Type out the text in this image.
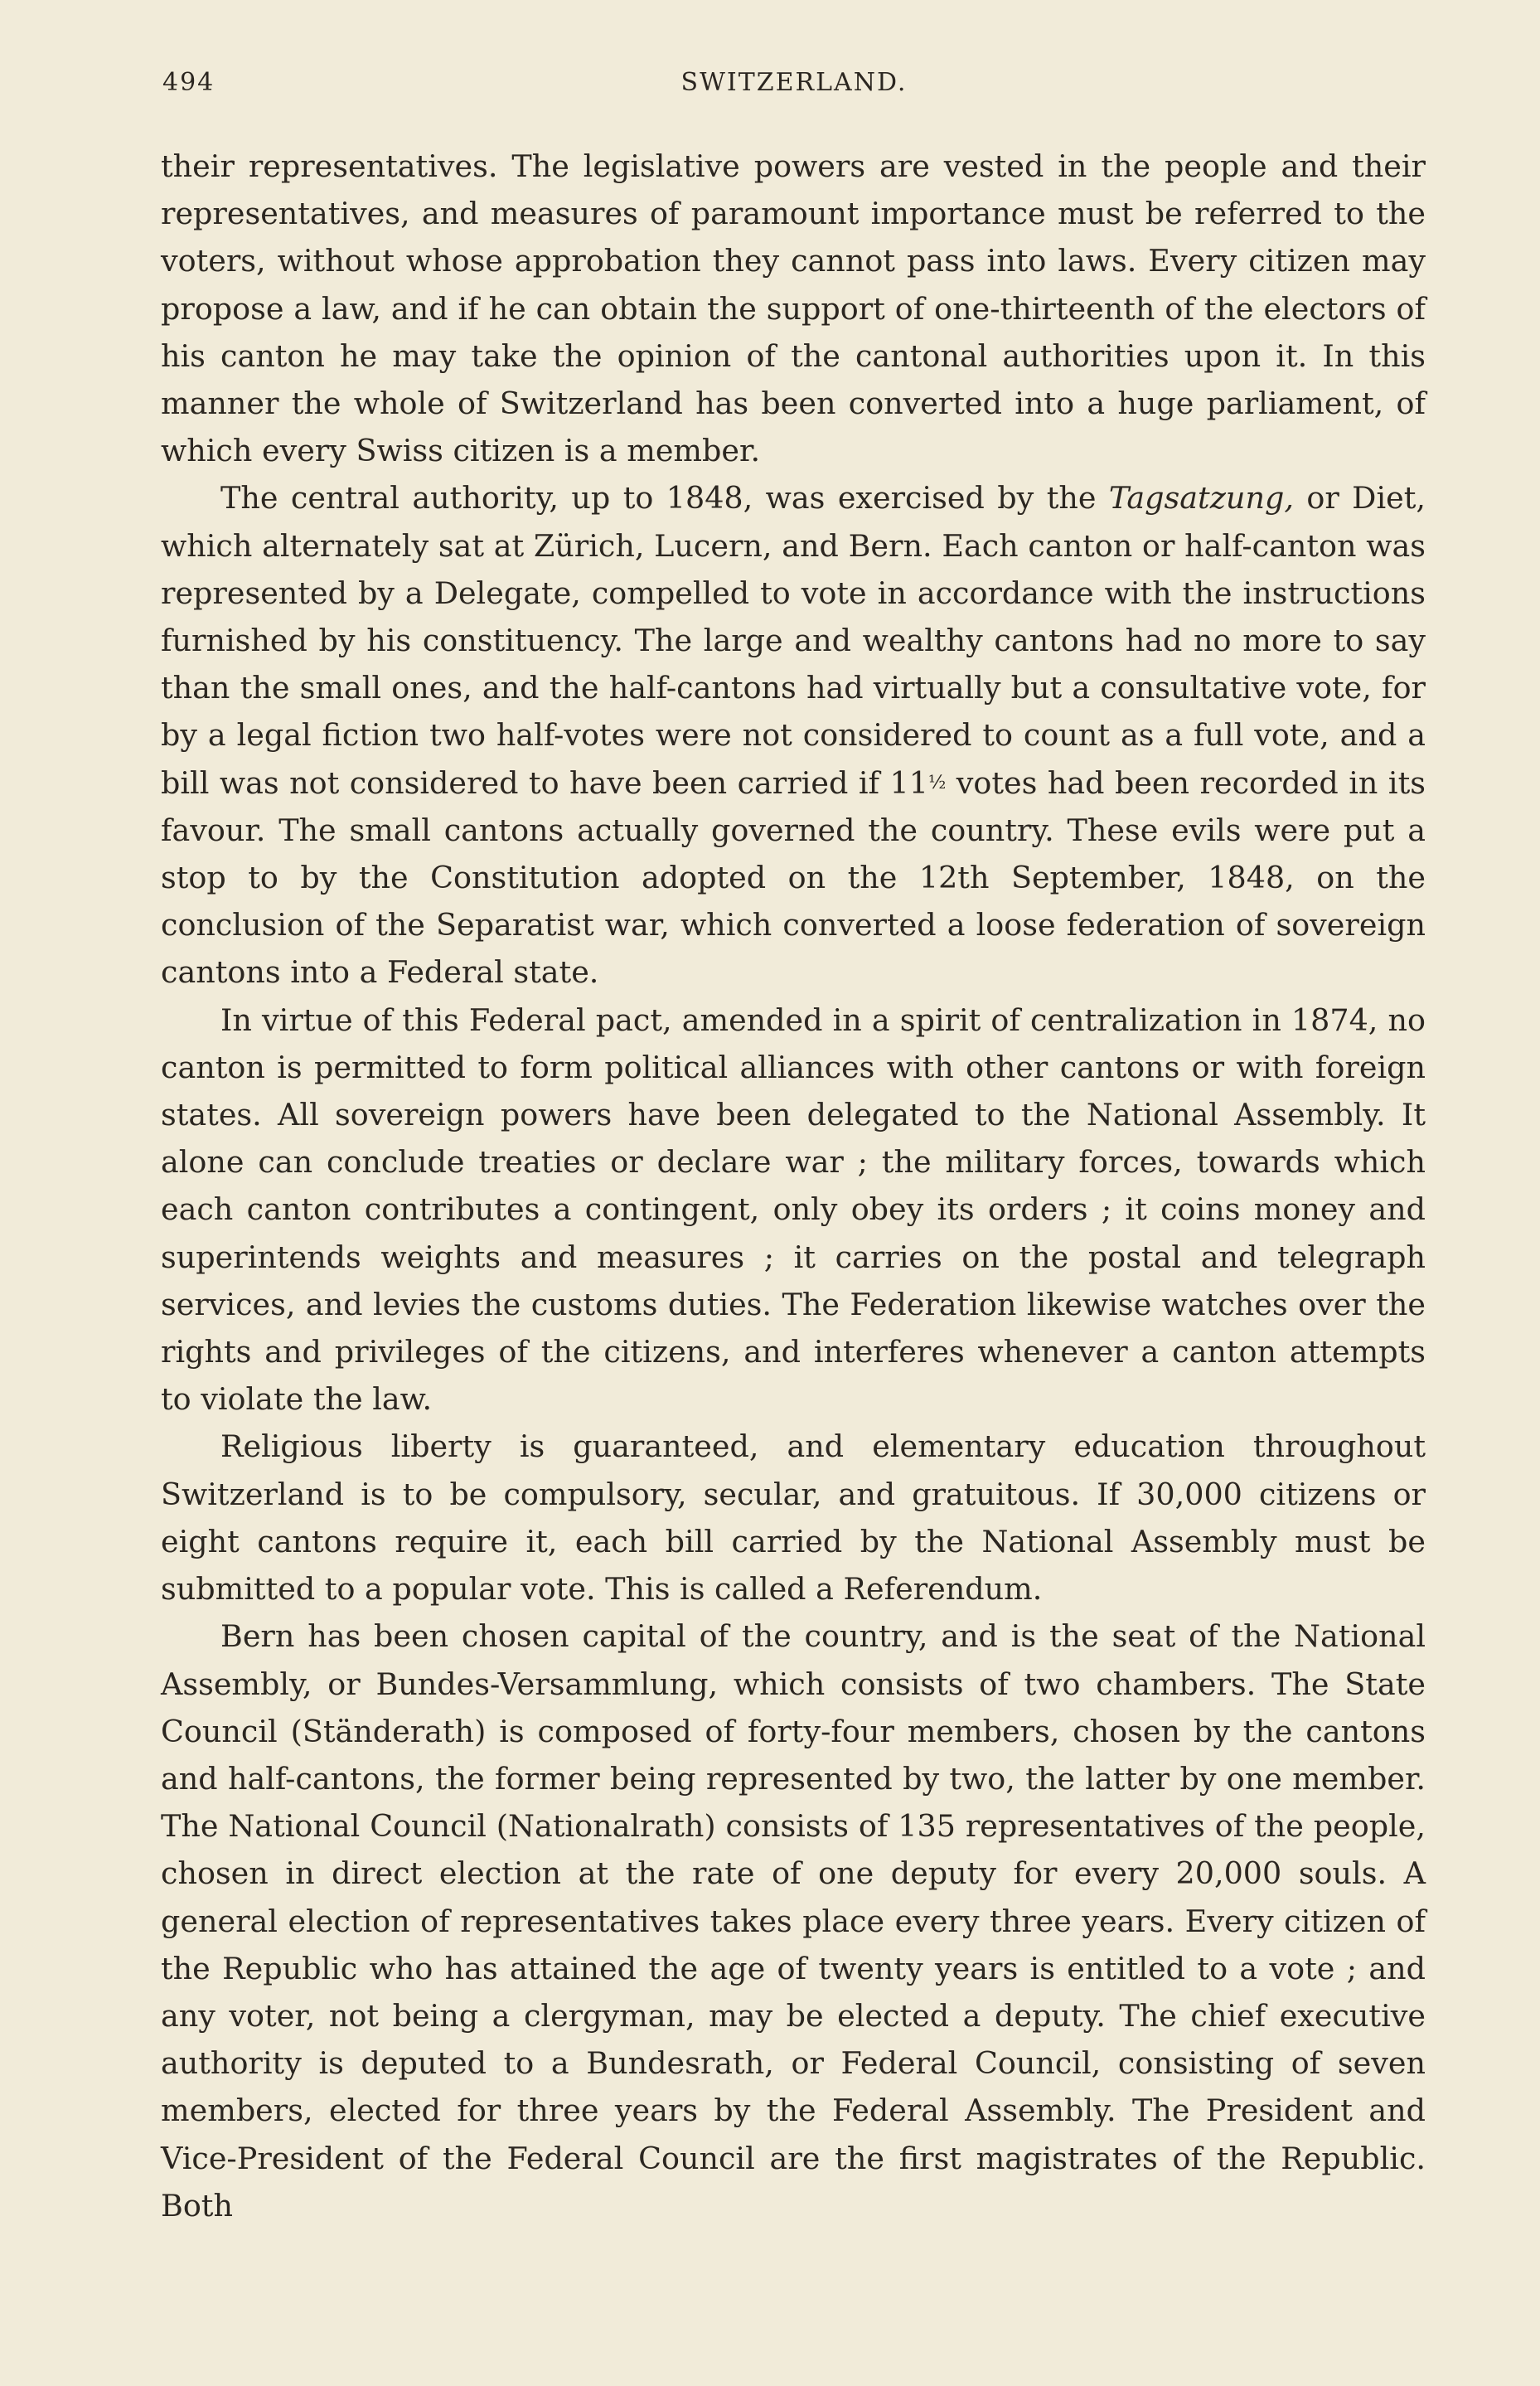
494	SWITZERLAND.

their representatives. The legislative powers are vested in the people and their representatives, and measures of paramount importance must be referred to the voters, without whose approbation they cannot pass into laws. Every citizen may propose a law, and if he can obtain the support of one-thirteenth of the electors of his canton he may take the opinion of the cantonal authorities upon it. In this manner the whole of Switzerland has been converted into a huge parliament, of which every Swiss citizen is a member.

The central authority, up to 1848, was exercised by the Tagsatzung, or Diet, which alternately sat at Zürich, Lucern, and Bern. Each canton or half-canton was represented by a Delegate, compelled to vote in accordance with the instructions furnished by his constituency. The large and wealthy cantons had no more to say than the small ones, and the half-cantons had virtually but a consultative vote, for by a legal fiction two half-votes were not considered to count as a full vote, and a bill was not considered to have been carried if 11½ votes had been recorded in its favour. The small cantons actually governed the country. These evils were put a stop to by the Constitution adopted on the 12th September, 1848, on the conclusion of the Separatist war, which converted a loose federation of sovereign cantons into a Federal state.

In virtue of this Federal pact, amended in a spirit of centralization in 1874, no canton is permitted to form political alliances with other cantons or with foreign states. All sovereign powers have been delegated to the National Assembly. It alone can conclude treaties or declare war ; the military forces, towards which each canton contributes a contingent, only obey its orders ; it coins money and superintends weights and measures ; it carries on the postal and telegraph services, and levies the customs duties. The Federation likewise watches over the rights and privileges of the citizens, and interferes whenever a canton attempts to violate the law.

Religious liberty is guaranteed, and elementary education throughout Switzerland is to be compulsory, secular, and gratuitous. If 30,000 citizens or eight cantons require it, each bill carried by the National Assembly must be submitted to a popular vote. This is called a Referendum.

Bern has been chosen capital of the country, and is the seat of the National Assembly, or Bundes-Versammlung, which consists of two chambers. The State Council (Ständerath) is composed of forty-four members, chosen by the cantons and half-cantons, the former being represented by two, the latter by one member. The National Council (Nationalrath) consists of 135 representatives of the people, chosen in direct election at the rate of one deputy for every 20,000 souls. A general election of representatives takes place every three years. Every citizen of the Republic who has attained the age of twenty years is entitled to a vote ; and any voter, not being a clergyman, may be elected a deputy. The chief executive authority is deputed to a Bundesrath, or Federal Council, consisting of seven members, elected for three years by the Federal Assembly. The President and Vice-President of the Federal Council are the first magistrates of the Republic. Both
